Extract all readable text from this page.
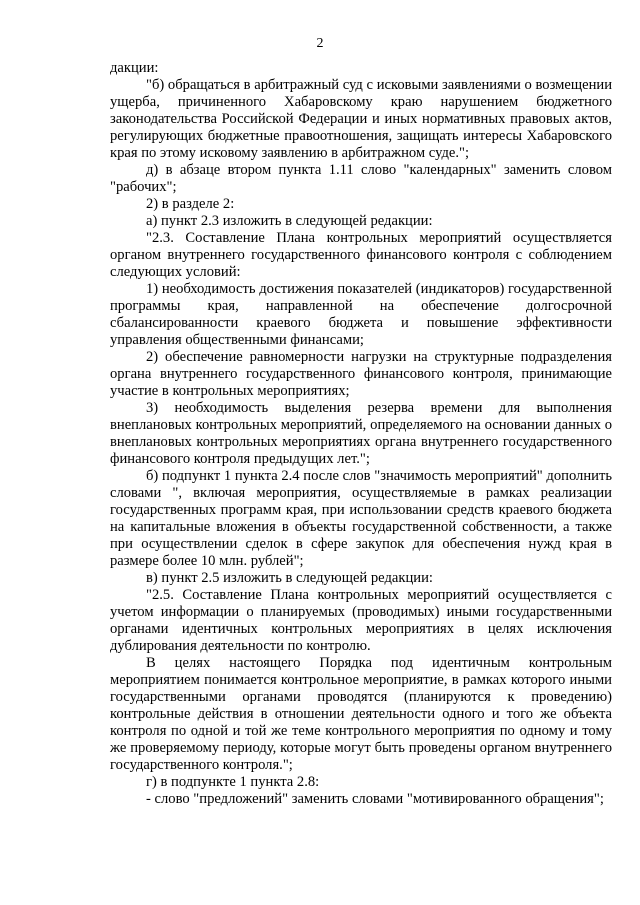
2

дакции:

"б) обращаться в арбитражный суд с исковыми заявлениями о возмещении ущерба, причиненного Хабаровскому краю нарушением бюджетного законодательства Российской Федерации и иных нормативных правовых актов, регулирующих бюджетные правоотношения, защищать интересы Хабаровского края по этому исковому заявлению в арбитражном суде.";

д) в абзаце втором пункта 1.11 слово "календарных" заменить словом "рабочих";

2) в разделе 2:

а) пункт 2.3 изложить в следующей редакции:

"2.3. Составление Плана контрольных мероприятий осуществляется органом внутреннего государственного финансового контроля с соблюдением следующих условий:

1) необходимость достижения показателей (индикаторов) государственной программы края, направленной на обеспечение долгосрочной сбалансированности краевого бюджета и повышение эффективности управления общественными финансами;

2) обеспечение равномерности нагрузки на структурные подразделения органа внутреннего государственного финансового контроля, принимающие участие в контрольных мероприятиях;

3) необходимость выделения резерва времени для выполнения внеплановых контрольных мероприятий, определяемого на основании данных о внеплановых контрольных мероприятиях органа внутреннего государственного финансового контроля предыдущих лет.";

б) подпункт 1 пункта 2.4 после слов "значимость мероприятий" дополнить словами ", включая мероприятия, осуществляемые в рамках реализации государственных программ края, при использовании средств краевого бюджета на капитальные вложения в объекты государственной собственности, а также при осуществлении сделок в сфере закупок для обеспечения нужд края в размере более 10 млн. рублей";

в) пункт 2.5 изложить в следующей редакции:

"2.5. Составление Плана контрольных мероприятий осуществляется с учетом информации о планируемых (проводимых) иными государственными органами идентичных контрольных мероприятиях в целях исключения дублирования деятельности по контролю.

В целях настоящего Порядка под идентичным контрольным мероприятием понимается контрольное мероприятие, в рамках которого иными государственными органами проводятся (планируются к проведению) контрольные действия в отношении деятельности одного и того же объекта контроля по одной и той же теме контрольного мероприятия по одному и тому же проверяемому периоду, которые могут быть проведены органом внутреннего государственного контроля.";

г) в подпункте 1 пункта 2.8:

- слово "предложений" заменить словами "мотивированного обращения";
